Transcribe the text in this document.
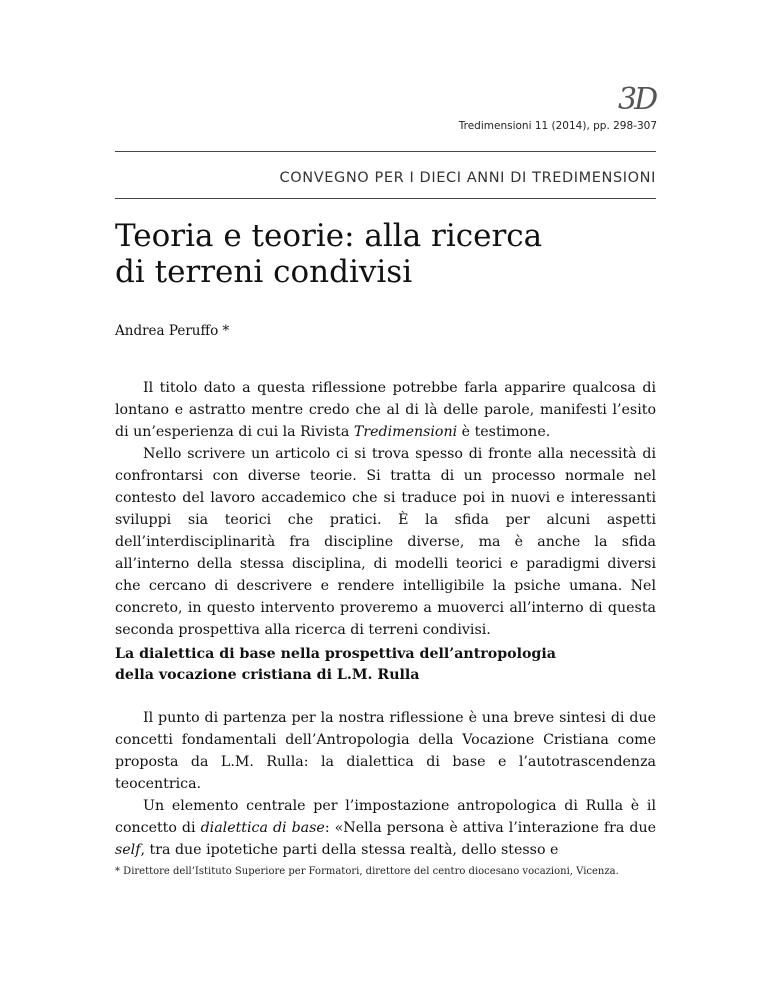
3D
Tredimensioni 11 (2014), pp. 298-307
CONVEGNO PER I DIECI ANNI DI TREDIMENSIONI
Teoria e teorie: alla ricerca
di terreni condivisi
Andrea Peruffo *

Il titolo dato a questa riflessione potrebbe farla apparire qualcosa di lontano e astratto mentre credo che al di là delle parole, manifesti l’esito di un’esperienza di cui la Rivista Tredimensioni è testimone.

Nello scrivere un articolo ci si trova spesso di fronte alla necessità di confrontarsi con diverse teorie. Si tratta di un processo normale nel contesto del lavoro accademico che si traduce poi in nuovi e interessanti sviluppi sia teorici che pratici. È la sfida per alcuni aspetti dell’interdisciplinarità fra discipline diverse, ma è anche la sfida all’interno della stessa disciplina, di modelli teorici e paradigmi diversi che cercano di descrivere e rendere intelligibile la psiche umana. Nel concreto, in questo intervento proveremo a muoverci all’interno di questa seconda prospettiva alla ricerca di terreni condivisi.

La dialettica di base nella prospettiva dell’antropologia
della vocazione cristiana di L.M. Rulla

Il punto di partenza per la nostra riflessione è una breve sintesi di due concetti fondamentali dell’Antropologia della Vocazione Cristiana come proposta da L.M. Rulla: la dialettica di base e l’autotrascendenza teocentrica.

Un elemento centrale per l’impostazione antropologica di Rulla è il concetto di dialettica di base: «Nella persona è attiva l’interazione fra due self, tra due ipotetiche parti della stessa realtà, dello stesso e

* Direttore dell’Istituto Superiore per Formatori, direttore del centro diocesano vocazioni, Vicenza.
